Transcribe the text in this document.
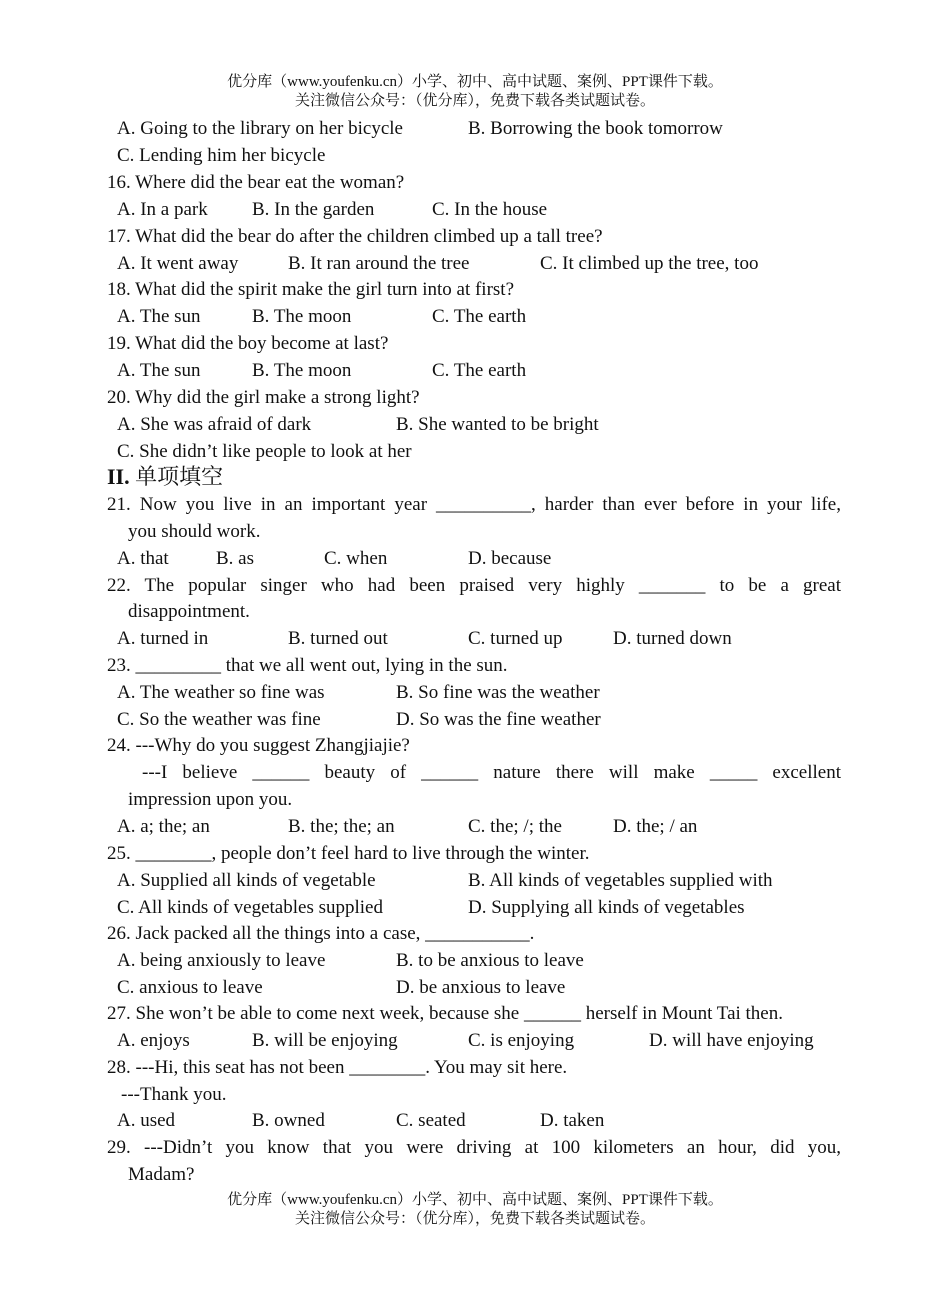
优分库（www.youfenku.cn）小学、初中、高中试题、案例、PPT课件下载。
关注微信公众号：（优分库），免费下载各类试题试卷。
A. Going to the library on her bicycle	B. Borrowing the book tomorrow
C. Lending him her bicycle
16. Where did the bear eat the woman?
A. In a park B. In the garden	C. In the house
17. What did the bear do after the children climbed up a tall tree?
A. It went away	B. It ran around the tree	C. It climbed up the tree, too
18. What did the spirit make the girl turn into at first?
A. The sun	B. The moon	C. The earth
19. What did the boy become at last?
A. The sun	B. The moon	C. The earth
20. Why did the girl make a strong light?
A. She was afraid of dark	B. She wanted to be bright
C. She didn’t like people to look at her
II. 单项填空
21. Now you live in an important year __________, harder than ever before in your life,
you should work.
A. that B. as	C. when	D. because
22. The popular singer who had been praised very highly _______ to be a great
disappointment.
A. turned in	B. turned out	C. turned up	D. turned down
23. _________ that we all went out, lying in the sun.
A. The weather so fine was	B. So fine was the weather
C. So the weather was fine	D. So was the fine weather
24. ---Why do you suggest Zhangjiajie?
---I believe ______ beauty of ______ nature there will make _____ excellent
impression upon you.
A. a; the; an	B. the; the; an	C. the; /; the	D. the; / an
25. ________, people don’t feel hard to live through the winter.
A. Supplied all kinds of vegetable	B. All kinds of vegetables supplied with
C. All kinds of vegetables supplied	D. Supplying all kinds of vegetables
26. Jack packed all the things into a case, ___________.
A. being anxiously to leave	B. to be anxious to leave
C. anxious to leave	D. be anxious to leave
27. She won’t be able to come next week, because she ______ herself in Mount Tai then.
A. enjoys	B. will be enjoying	C. is enjoying	D. will have enjoying
28. ---Hi, this seat has not been ________. You may sit here.
---Thank you.
A. used	B. owned	C. seated	D. taken
29. ---Didn’t you know that you were driving at 100 kilometers an hour, did you,
Madam?
优分库（www.youfenku.cn）小学、初中、高中试题、案例、PPT课件下载。
关注微信公众号：（优分库），免费下载各类试题试卷。
